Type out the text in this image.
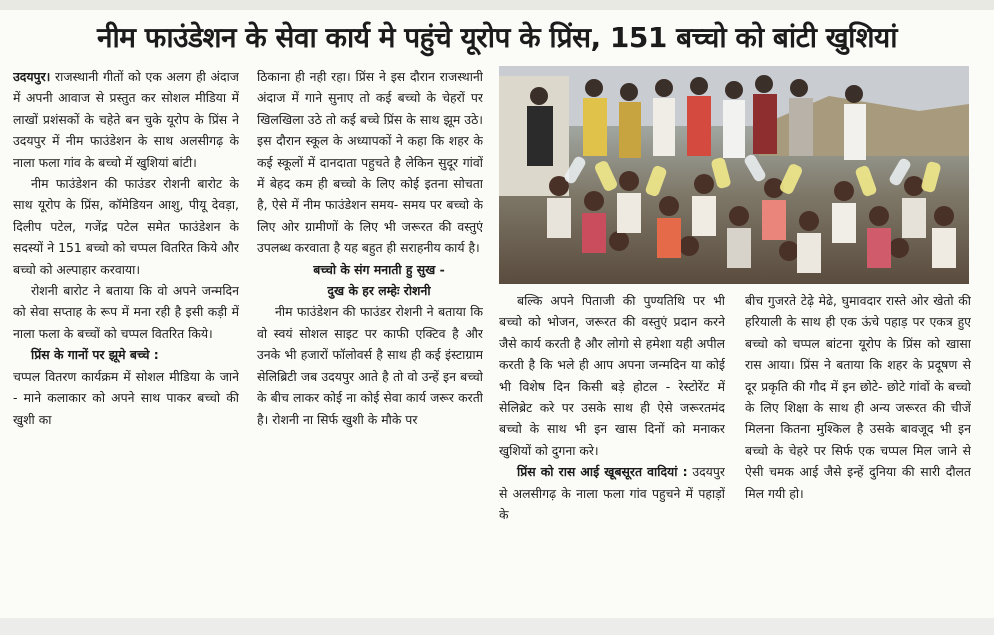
नीम फाउंडेशन के सेवा कार्य मे पहुंचे यूरोप के प्रिंस, 151 बच्चो को बांटी खुशियां

उदयपुर। राजस्थानी गीतों को एक अलग ही अंदाज में अपनी आवाज से प्रस्तुत कर सोशल मीडिया में लाखों प्रशंसकों के चहेते बन चुके यूरोप के प्रिंस ने उदयपुर में नीम फाउंडेशन के साथ अलसीगढ़ के नाला फला गांव के बच्चो में खुशियां बांटी।

नीम फाउंडेशन की फाउंडर रोशनी बारोट के साथ यूरोप के प्रिंस, कॉमेडियन आशु, पीयू देवड़ा, दिलीप पटेल, गजेंद्र पटेल समेत फाउंडेशन के सदस्यों ने 151 बच्चो को चप्पल वितरित किये और बच्चो को अल्पाहार करवाया।

रोशनी बारोट ने बताया कि वो अपने जन्मदिन को सेवा सप्ताह के रूप में मना रही है इसी कड़ी में नाला फला के बच्चों को चप्पल वितरित किये।

प्रिंस के गानों पर झूमे बच्चे :

चप्पल वितरण कार्यक्रम में सोशल मीडिया के जाने - माने कलाकार को अपने साथ पाकर बच्चो की खुशी का

ठिकाना ही नही रहा। प्रिंस ने इस दौरान राजस्थानी अंदाज में गाने सुनाए तो कई बच्चो के चेहरों पर खिलखिला उठे तो कई बच्चे प्रिंस के साथ झूम उठे। इस दौरान स्कूल के अध्यापकों ने कहा कि शहर के कई स्कूलों में दानदाता पहुचते है लेकिन सुदूर गांवों में बेहद कम ही बच्चो के लिए कोई इतना सोचता है, ऐसे में नीम फाउंडेशन समय- समय पर बच्चो के लिए ओर ग्रामीणों के लिए भी जरूरत की वस्तुएं उपलब्ध करवाता है यह बहुत ही सराहनीय कार्य है।

बच्चो के संग मनाती हु सुख -

दुख के हर लम्हेः रोशनी

नीम फाउंडेशन की फाउंडर रोशनी ने बताया कि वो स्वयं सोशल साइट पर काफी एक्टिव है और उनके भी हजारों फॉलोवर्स है साथ ही कई इंस्टाग्राम सेलिब्रिटी जब उदयपुर आते है तो वो उन्हें इन बच्चो के बीच लाकर कोई ना कोई सेवा कार्य जरूर करती है। रोशनी ना सिर्फ खुशी के मौके पर

बल्कि अपने पिताजी की पुण्यतिथि पर भी बच्चो को भोजन, जरूरत की वस्तुएं प्रदान करने जैसे कार्य करती है और लोगो से हमेशा यही अपील करती है कि भले ही आप अपना जन्मदिन या कोई भी विशेष दिन किसी बड़े होटल - रेस्टोरेंट में सेलिब्रेट करे पर उसके साथ ही ऐसे जरूरतमंद बच्चो के साथ भी इन खास दिनों को मनाकर खुशियों को दुगना करे।

प्रिंस को रास आई खूबसूरत वादियां : उदयपुर से अलसीगढ़ के नाला फला गांव पहुचने में पहाड़ों के

बीच गुजरते टेढ़े मेढे, घुमावदार रास्ते ओर खेतो की हरियाली के साथ ही एक ऊंचे पहाड़ पर एकत्र हुए बच्चो को चप्पल बांटना यूरोप के प्रिंस को खासा रास आया। प्रिंस ने बताया कि शहर के प्रदूषण से दूर प्रकृति की गौद में इन छोटे- छोटे गांवों के बच्चो के लिए शिक्षा के साथ ही अन्य जरूरत की चीजें मिलना कितना मुश्किल है उसके बावजूद भी इन बच्चो के चेहरे पर सिर्फ एक चप्पल मिल जाने से ऐसी चमक आई जैसे इन्हें दुनिया की सारी दौलत मिल गयी हो।
